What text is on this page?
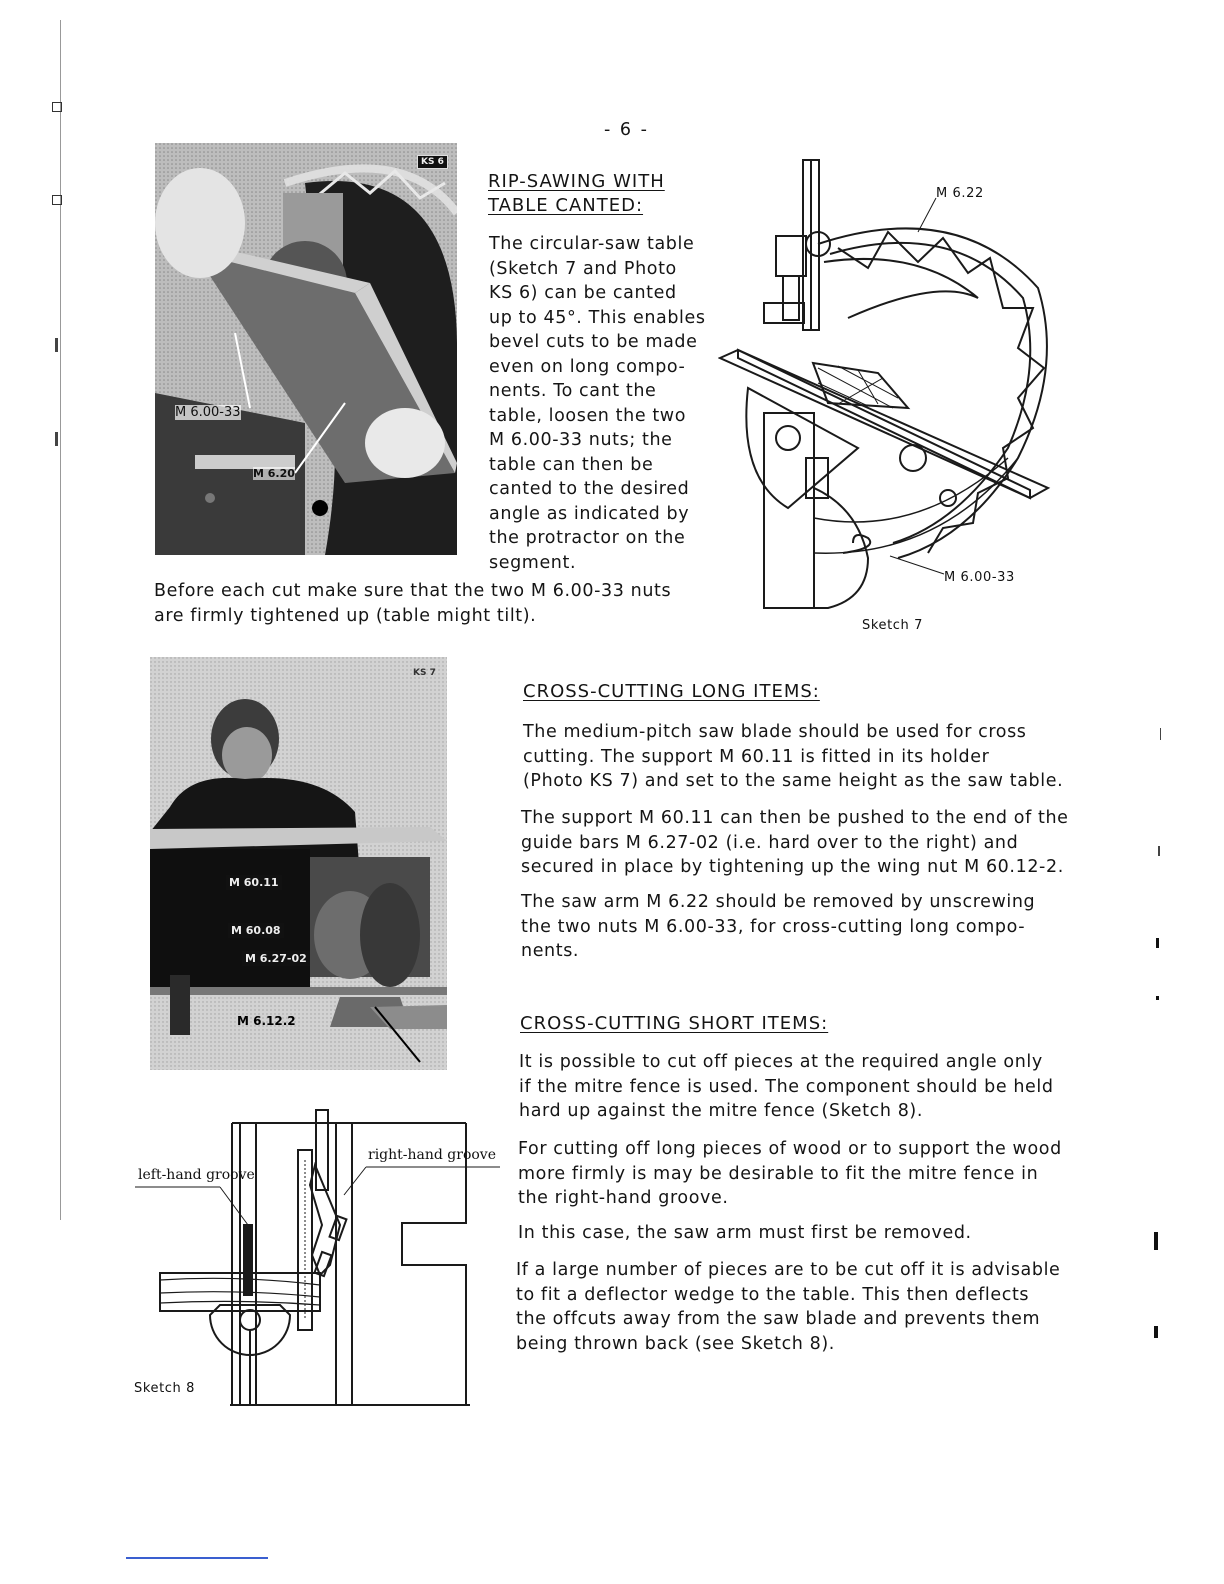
- 6 -
KS 6
M 6.00-33
M 6.20
RIP-SAWING WITH
TABLE CANTED:
The circular-saw table
(Sketch 7 and Photo
KS 6) can be canted
up to 45°. This enables
bevel cuts to be made
even on long compo-
nents. To cant the
table, loosen the two
M 6.00-33 nuts; the
table can then be
canted to the desired
angle as indicated by
the protractor on the
segment.
Before each cut make sure that the two M 6.00-33 nuts
are firmly tightened up (table might tilt).
M 6.22
M 6.00-33
Sketch 7
KS 7
M 60.11
M 60.08
M 6.27-02
M 6.12.2
CROSS-CUTTING LONG ITEMS:
The medium-pitch saw blade should be used for cross
cutting. The support M 60.11 is fitted in its holder
(Photo KS 7) and set to the same height as the saw table.
The support M 60.11 can then be pushed to the end of the
guide bars M 6.27-02 (i.e. hard over to the right) and
secured in place by tightening up the wing nut M 60.12-2.
The saw arm M 6.22 should be removed by unscrewing
the two nuts M 6.00-33, for cross-cutting long compo-
nents.
CROSS-CUTTING SHORT ITEMS:
It is possible to cut off pieces at the required angle only
if the mitre fence is used. The component should be held
hard up against the mitre fence (Sketch 8).
For cutting off long pieces of wood or to support the wood
more firmly is may be desirable to fit the mitre fence in
the right-hand groove.
In this case, the saw arm must first be removed.
If a large number of pieces are to be cut off it is advisable
to fit a deflector wedge to the table. This then deflects
the offcuts away from the saw blade and prevents them
being thrown back (see Sketch 8).
left-hand groove
right-hand groove
Sketch 8
